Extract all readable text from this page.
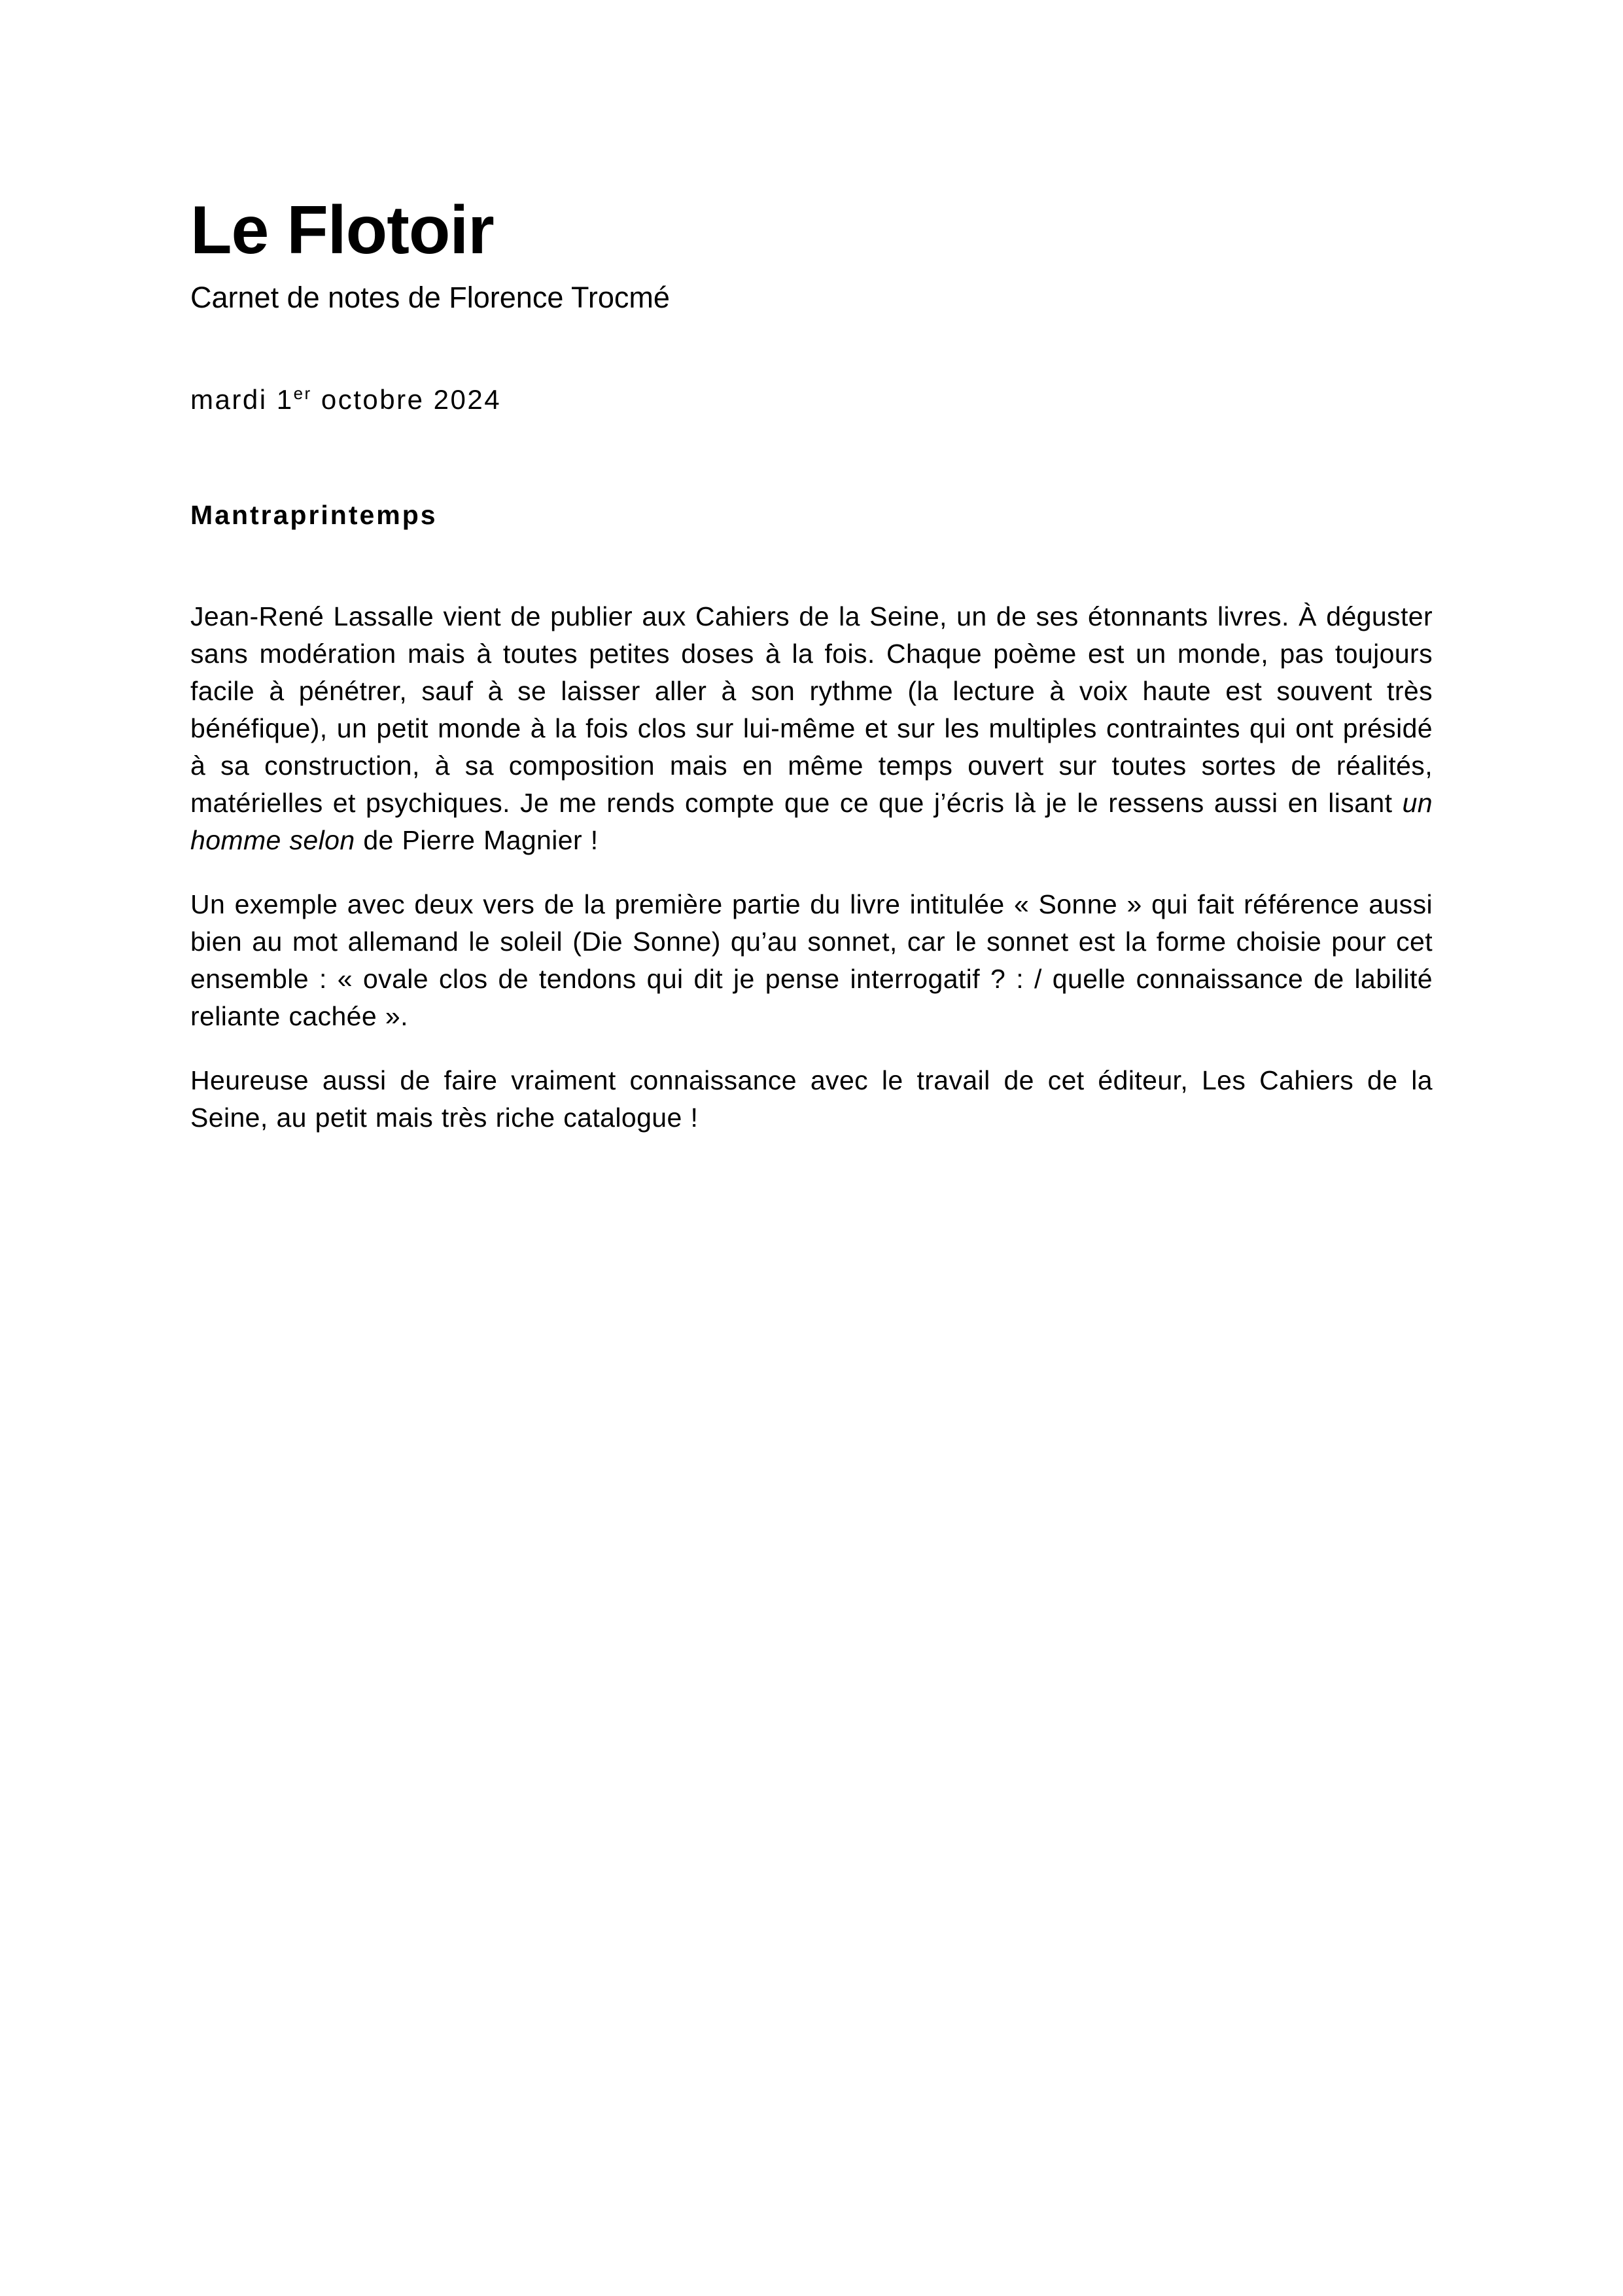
Le Flotoir

Carnet de notes de Florence Trocmé

mardi 1er octobre 2024

Mantraprintemps

Jean-René Lassalle vient de publier aux Cahiers de la Seine, un de ses étonnants livres. À déguster sans modération mais à toutes petites doses à la fois. Chaque poème est un monde, pas toujours facile à pénétrer, sauf à se laisser aller à son rythme (la lecture à voix haute est souvent très bénéfique), un petit monde à la fois clos sur lui-même et sur les multiples contraintes qui ont présidé à sa construction, à sa composition mais en même temps ouvert sur toutes sortes de réalités, matérielles et psychiques. Je me rends compte que ce que j’écris là je le ressens aussi en lisant un homme selon de Pierre Magnier !

Un exemple avec deux vers de la première partie du livre intitulée « Sonne » qui fait référence aussi bien au mot allemand le soleil (Die Sonne) qu’au sonnet, car le sonnet est la forme choisie pour cet ensemble : « ovale clos de tendons qui dit je pense interrogatif ? : / quelle connaissance de labilité reliante cachée ».

Heureuse aussi de faire vraiment connaissance avec le travail de cet éditeur, Les Cahiers de la Seine, au petit mais très riche catalogue !
